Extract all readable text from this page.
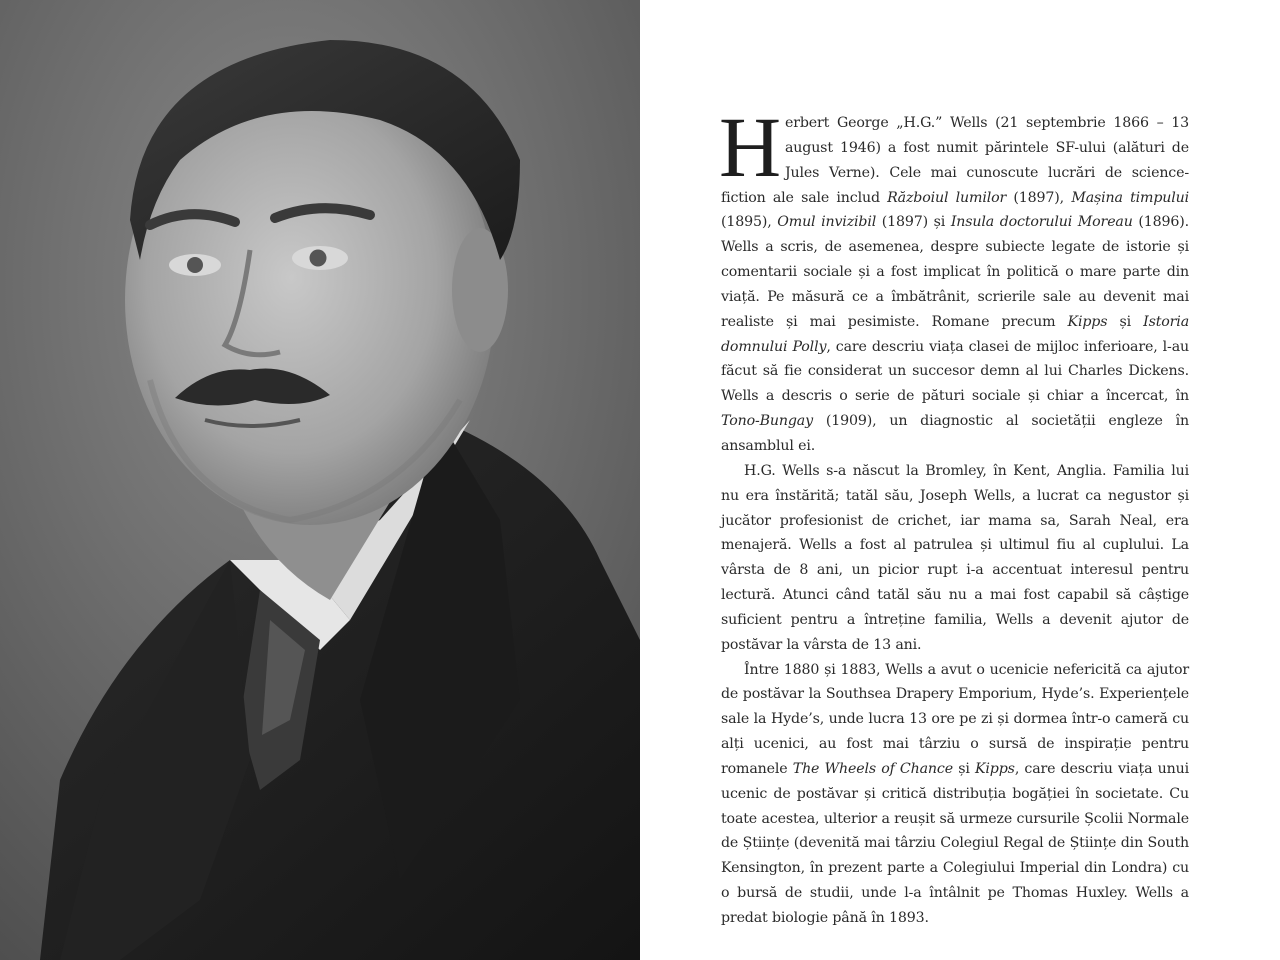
Herbert George „H.G.” Wells (21 septembrie 1866 – 13 august 1946) a fost numit părintele SF-ului (alături de Jules Verne). Cele mai cunoscute lucrări de science-fiction ale sale includ Războiul lumilor (1897), Mașina timpului (1895), Omul invizibil (1897) și Insula doctorului Moreau (1896). Wells a scris, de asemenea, despre subiecte legate de istorie și comentarii sociale și a fost implicat în politică o mare parte din viață. Pe măsură ce a îmbătrânit, scrierile sale au devenit mai realiste și mai pesimiste. Romane precum Kipps și Istoria domnului Polly, care descriu viața clasei de mijloc inferioare, l-au făcut să fie considerat un succesor demn al lui Charles Dickens. Wells a descris o serie de pături sociale și chiar a încercat, în Tono-Bungay (1909), un diagnostic al societății engleze în ansamblul ei.

H.G. Wells s-a născut la Bromley, în Kent, Anglia. Familia lui nu era înstărită; tatăl său, Joseph Wells, a lucrat ca negustor și jucător profesionist de crichet, iar mama sa, Sarah Neal, era menajeră. Wells a fost al patrulea și ultimul fiu al cuplului. La vârsta de 8 ani, un picior rupt i-a accentuat interesul pentru lectură. Atunci când tatăl său nu a mai fost capabil să câștige suficient pentru a întreține familia, Wells a devenit ajutor de postăvar la vârsta de 13 ani.

Între 1880 și 1883, Wells a avut o ucenicie nefericită ca ajutor de postăvar la Southsea Drapery Emporium, Hyde’s. Experiențele sale la Hyde’s, unde lucra 13 ore pe zi și dormea într-o cameră cu alți ucenici, au fost mai târziu o sursă de inspirație pentru romanele The Wheels of Chance și Kipps, care descriu viața unui ucenic de postăvar și critică distribuția bogăției în societate. Cu toate acestea, ulterior a reușit să urmeze cursurile Școlii Normale de Științe (devenită mai târziu Colegiul Regal de Științe din South Kensington, în prezent parte a Colegiului Imperial din Londra) cu o bursă de studii, unde l-a întâlnit pe Thomas Huxley. Wells a predat biologie până în 1893.
